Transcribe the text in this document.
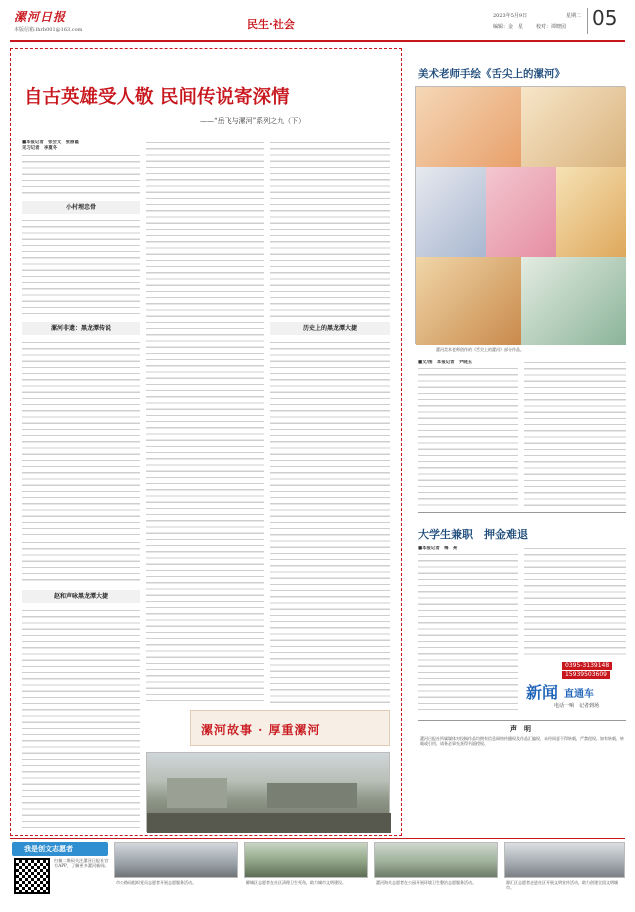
漯河日报
本版信箱:lhrb001@163.com	民生·社会
2023年5月9日	星期二
编辑：金　星	校对：谭晓园 05
自古英雄受人敬 民间传说寄深情
——“岳飞与漯河”系列之九（下）
■本报记者　张会文　张丽霞
见习记者　李夏冬
小村埋忠骨
漯河非遗：黑龙潭传说
赵和声咏黑龙潭大捷
历史上的黑龙潭大捷
漯河故事 · 厚重漯河
美术老师手绘《舌尖上的漯河》
漯河美术老师创作的《舌尖上的漯河》部分作品。
■文/图　本报记者　尹晓玉
大学生兼职　押金难退
■本报记者　梅　亮
0395-3139148
15939503609
新闻 直通车
电话一响　记者到场
声　明
漯河日报社所属媒体对投稿作品均拥有信息网络传播权及作品汇编权，未经同意不得转载，严禁侵权。如有转载、转载或引用，请务必事先获得书面授权。
我是创文志愿者
扫描二维码关注漯河日报社官方APP，了解更多漯河新闻。
市公路局组织党员志愿者开展志愿服务活动。	郾城区志愿者在社区清理卫生死角，助力城市文明建设。	漯河海关志愿者在公园开展环境卫生整治志愿服务活动。	源汇区志愿者走进社区开展文明宣传活动，助力创建全国文明城市。
